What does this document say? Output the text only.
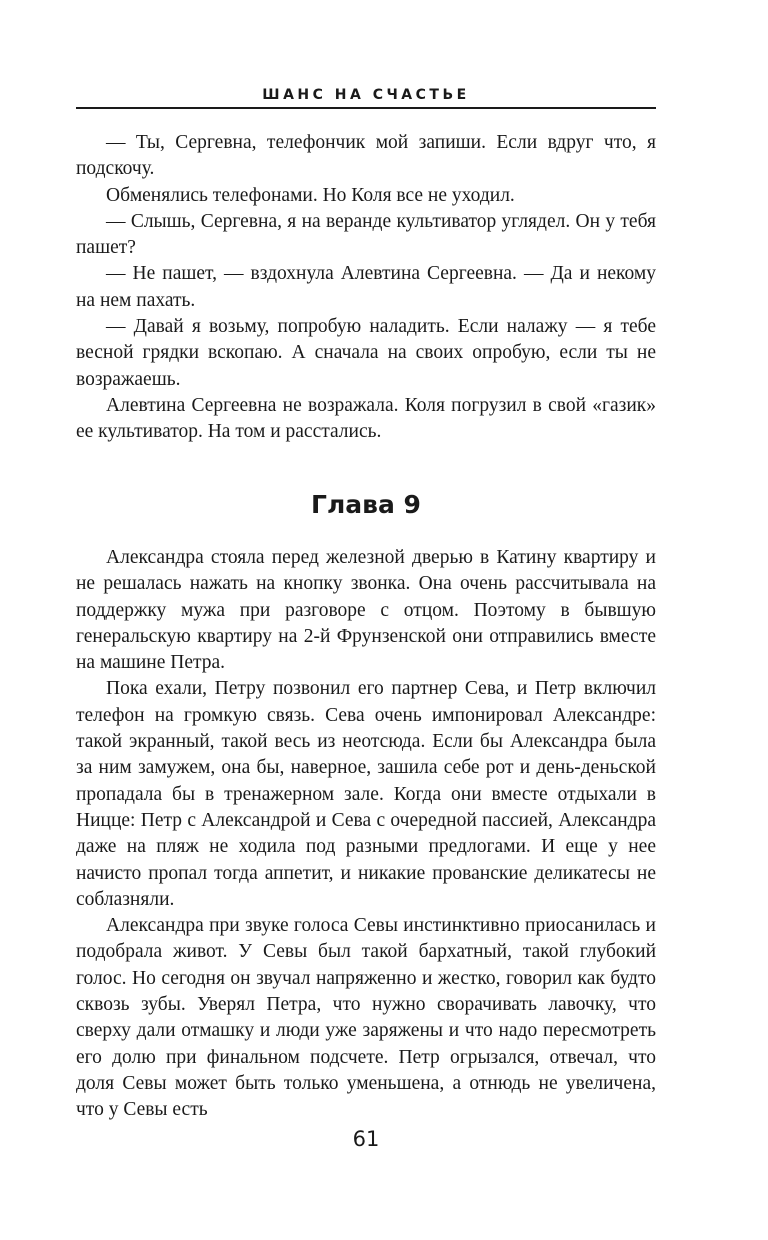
ШАНС НА СЧАСТЬЕ

— Ты, Сергевна, телефончик мой запиши. Если вдруг что, я подскочу.

Обменялись телефонами. Но Коля все не уходил.

— Слышь, Сергевна, я на веранде культиватор углядел. Он у тебя пашет?

— Не пашет, — вздохнула Алевтина Сергеевна. — Да и некому на нем пахать.

— Давай я возьму, попробую наладить. Если налажу — я тебе весной грядки вскопаю. А сначала на своих опробую, если ты не возражаешь.

Алевтина Сергеевна не возражала. Коля погрузил в свой «газик» ее культиватор. На том и расстались.

Глава 9

Александра стояла перед железной дверью в Катину квартиру и не решалась нажать на кнопку звонка. Она очень рассчитывала на поддержку мужа при разговоре с отцом. Поэтому в бывшую генеральскую квартиру на 2-й Фрунзенской они отправились вместе на машине Петра.

Пока ехали, Петру позвонил его партнер Сева, и Петр включил телефон на громкую связь. Сева очень импонировал Александре: такой экранный, такой весь из неотсюда. Если бы Александра была за ним замужем, она бы, наверное, зашила себе рот и день-деньской пропадала бы в тренажерном зале. Когда они вместе отдыхали в Ницце: Петр с Александрой и Сева с очередной пассией, Александра даже на пляж не ходила под разными предлогами. И еще у нее начисто пропал тогда аппетит, и никакие прованские деликатесы не соблазняли.

Александра при звуке голоса Севы инстинктивно приосанилась и подобрала живот. У Севы был такой бархатный, такой глубокий голос. Но сегодня он звучал напряженно и жестко, говорил как будто сквозь зубы. Уверял Петра, что нужно сворачивать лавочку, что сверху дали отмашку и люди уже заряжены и что надо пересмотреть его долю при финальном подсчете. Петр огрызался, отвечал, что доля Севы может быть только уменьшена, а отнюдь не увеличена, что у Севы есть

61
